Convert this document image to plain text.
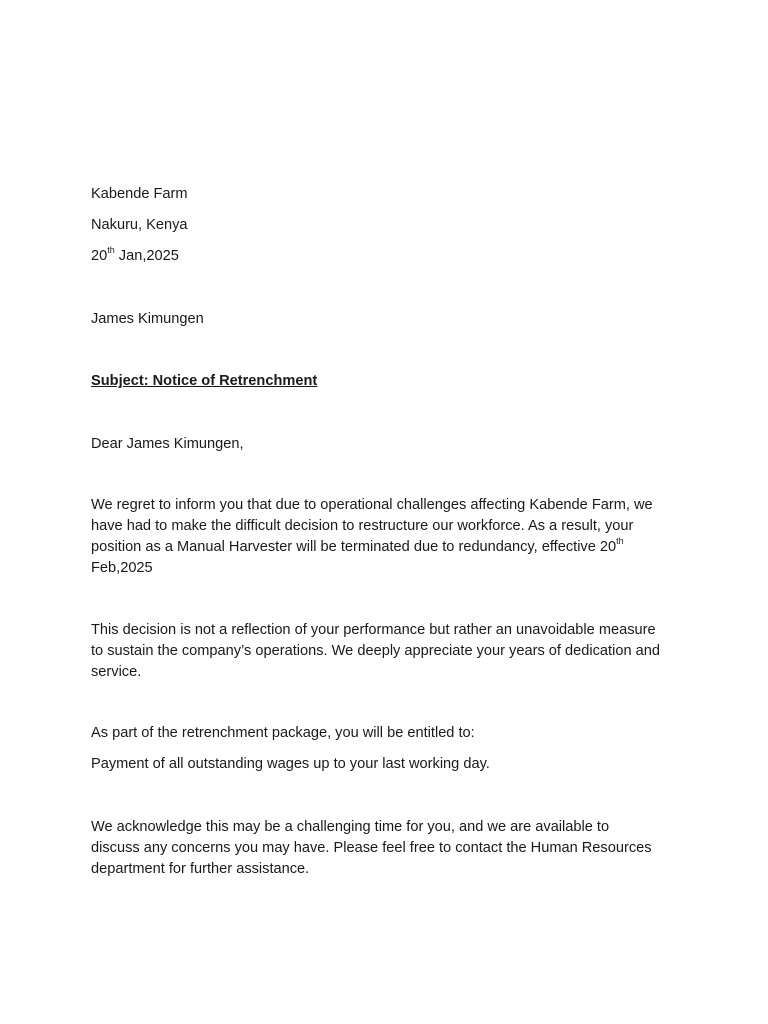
Kabende Farm
Nakuru, Kenya
20th Jan,2025
James Kimungen
Subject: Notice of Retrenchment
Dear James Kimungen,
We regret to inform you that due to operational challenges affecting Kabende Farm, we
have had to make the difficult decision to restructure our workforce. As a result, your
position as a Manual Harvester will be terminated due to redundancy, effective 20th
Feb,2025
This decision is not a reflection of your performance but rather an unavoidable measure
to sustain the company’s operations. We deeply appreciate your years of dedication and
service.
As part of the retrenchment package, you will be entitled to:
Payment of all outstanding wages up to your last working day.
We acknowledge this may be a challenging time for you, and we are available to
discuss any concerns you may have. Please feel free to contact the Human Resources
department for further assistance.
